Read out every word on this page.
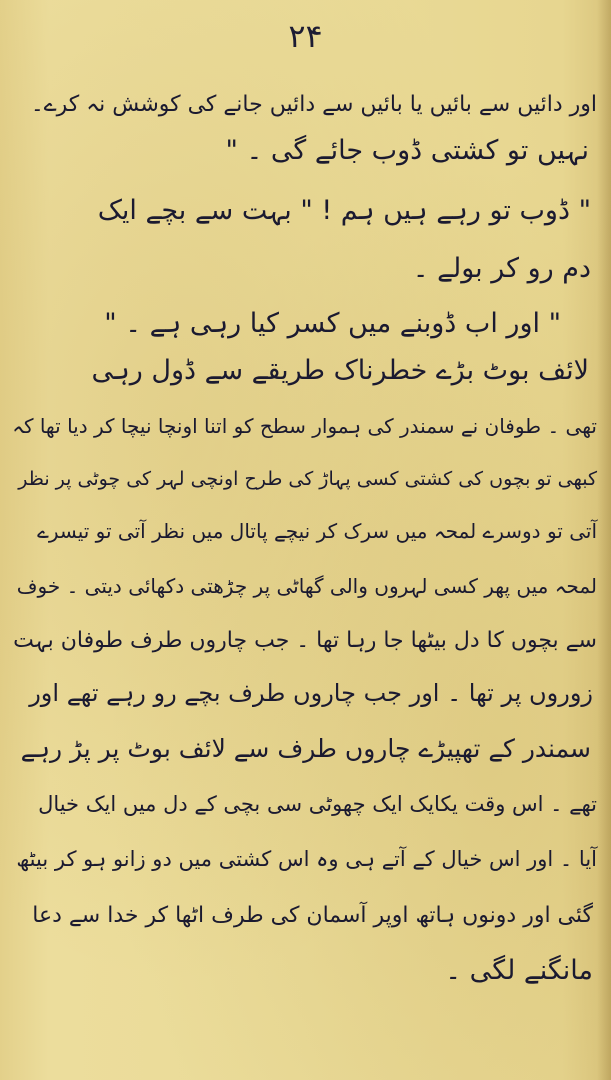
۲۴
اور دائیں سے بائیں یا بائیں سے دائیں جانے کی کوشش نہ کرے۔
نہیں تو کشتی ڈوب جائے گی ۔ "
" ڈوب تو رہے ہیں ہم ! " بہت سے بچے ایک
دم رو کر بولے ۔
" اور اب ڈوبنے میں کسر کیا رہی ہے ۔ "
لائف بوٹ بڑے خطرناک طریقے سے ڈول رہی
تھی ۔ طوفان نے سمندر کی ہموار سطح کو اتنا اونچا نیچا کر دیا تھا کہ
کبھی تو بچوں کی کشتی کسی پہاڑ کی طرح اونچی لہر کی چوٹی پر نظر
آتی تو دوسرے لمحہ میں سرک کر نیچے پاتال میں نظر آتی تو تیسرے
لمحہ میں پھر کسی لہروں والی گھاٹی پر چڑھتی دکھائی دیتی ۔ خوف
سے بچوں کا دل بیٹھا جا رہا تھا ۔ جب چاروں طرف طوفان بہت
زوروں پر تھا ۔ اور جب چاروں طرف بچے رو رہے تھے اور
سمندر کے تھپیڑے چاروں طرف سے لائف بوٹ پر پڑ رہے
تھے ۔ اس وقت یکایک ایک چھوٹی سی بچی کے دل میں ایک خیال
آیا ۔ اور اس خیال کے آتے ہی وہ اس کشتی میں دو زانو ہو کر بیٹھ
گئی اور دونوں ہاتھ اوپر آسمان کی طرف اٹھا کر خدا سے دعا
مانگنے لگی ۔
